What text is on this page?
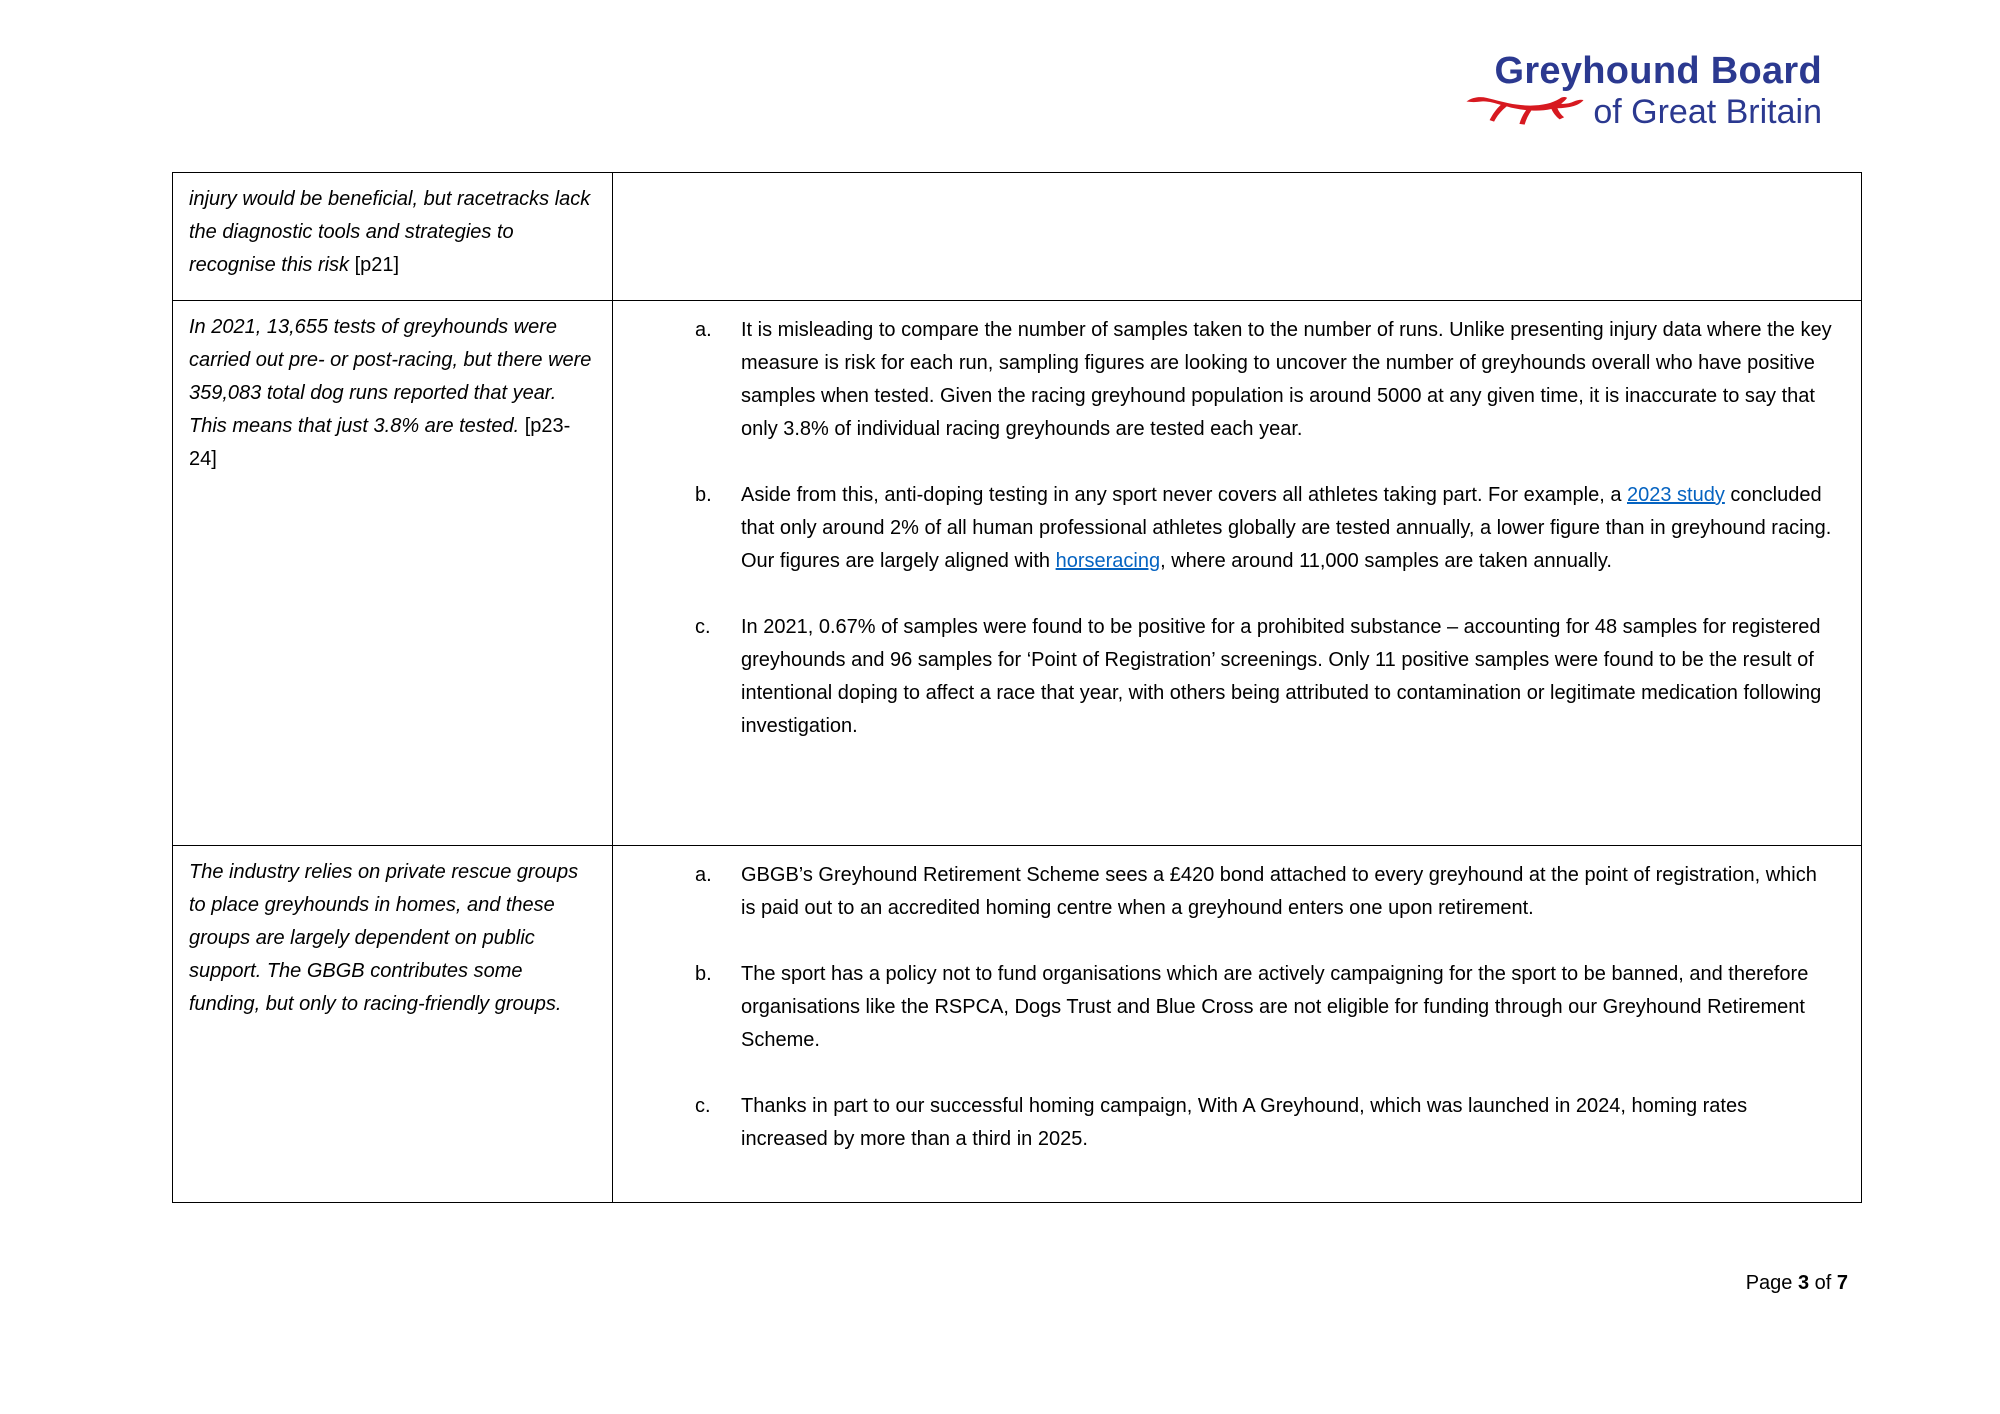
Greyhound Board
of Great Britain

injury would be beneficial, but racetracks lack the diagnostic tools and strategies to recognise this risk [p21]	

In 2021, 13,655 tests of greyhounds were carried out pre- or post-racing, but there were 359,083 total dog runs reported that year. This means that just 3.8% are tested. [p23-24]

a.	It is misleading to compare the number of samples taken to the number of runs. Unlike presenting injury data where the key measure is risk for each run, sampling figures are looking to uncover the number of greyhounds overall who have positive samples when tested. Given the racing greyhound population is around 5000 at any given time, it is inaccurate to say that only 3.8% of individual racing greyhounds are tested each year.
b.	Aside from this, anti-doping testing in any sport never covers all athletes taking part. For example, a 2023 study concluded that only around 2% of all human professional athletes globally are tested annually, a lower figure than in greyhound racing. Our figures are largely aligned with horseracing, where around 11,000 samples are taken annually.
c.	In 2021, 0.67% of samples were found to be positive for a prohibited substance – accounting for 48 samples for registered greyhounds and 96 samples for ‘Point of Registration’ screenings. Only 11 positive samples were found to be the result of intentional doping to affect a race that year, with others being attributed to contamination or legitimate medication following investigation.

The industry relies on private rescue groups to place greyhounds in homes, and these groups are largely dependent on public support. The GBGB contributes some funding, but only to racing-friendly groups.

a.	GBGB’s Greyhound Retirement Scheme sees a £420 bond attached to every greyhound at the point of registration, which is paid out to an accredited homing centre when a greyhound enters one upon retirement.
b.	The sport has a policy not to fund organisations which are actively campaigning for the sport to be banned, and therefore organisations like the RSPCA, Dogs Trust and Blue Cross are not eligible for funding through our Greyhound Retirement Scheme.
c.	Thanks in part to our successful homing campaign, With A Greyhound, which was launched in 2024, homing rates increased by more than a third in 2025.
Page 3 of 7
